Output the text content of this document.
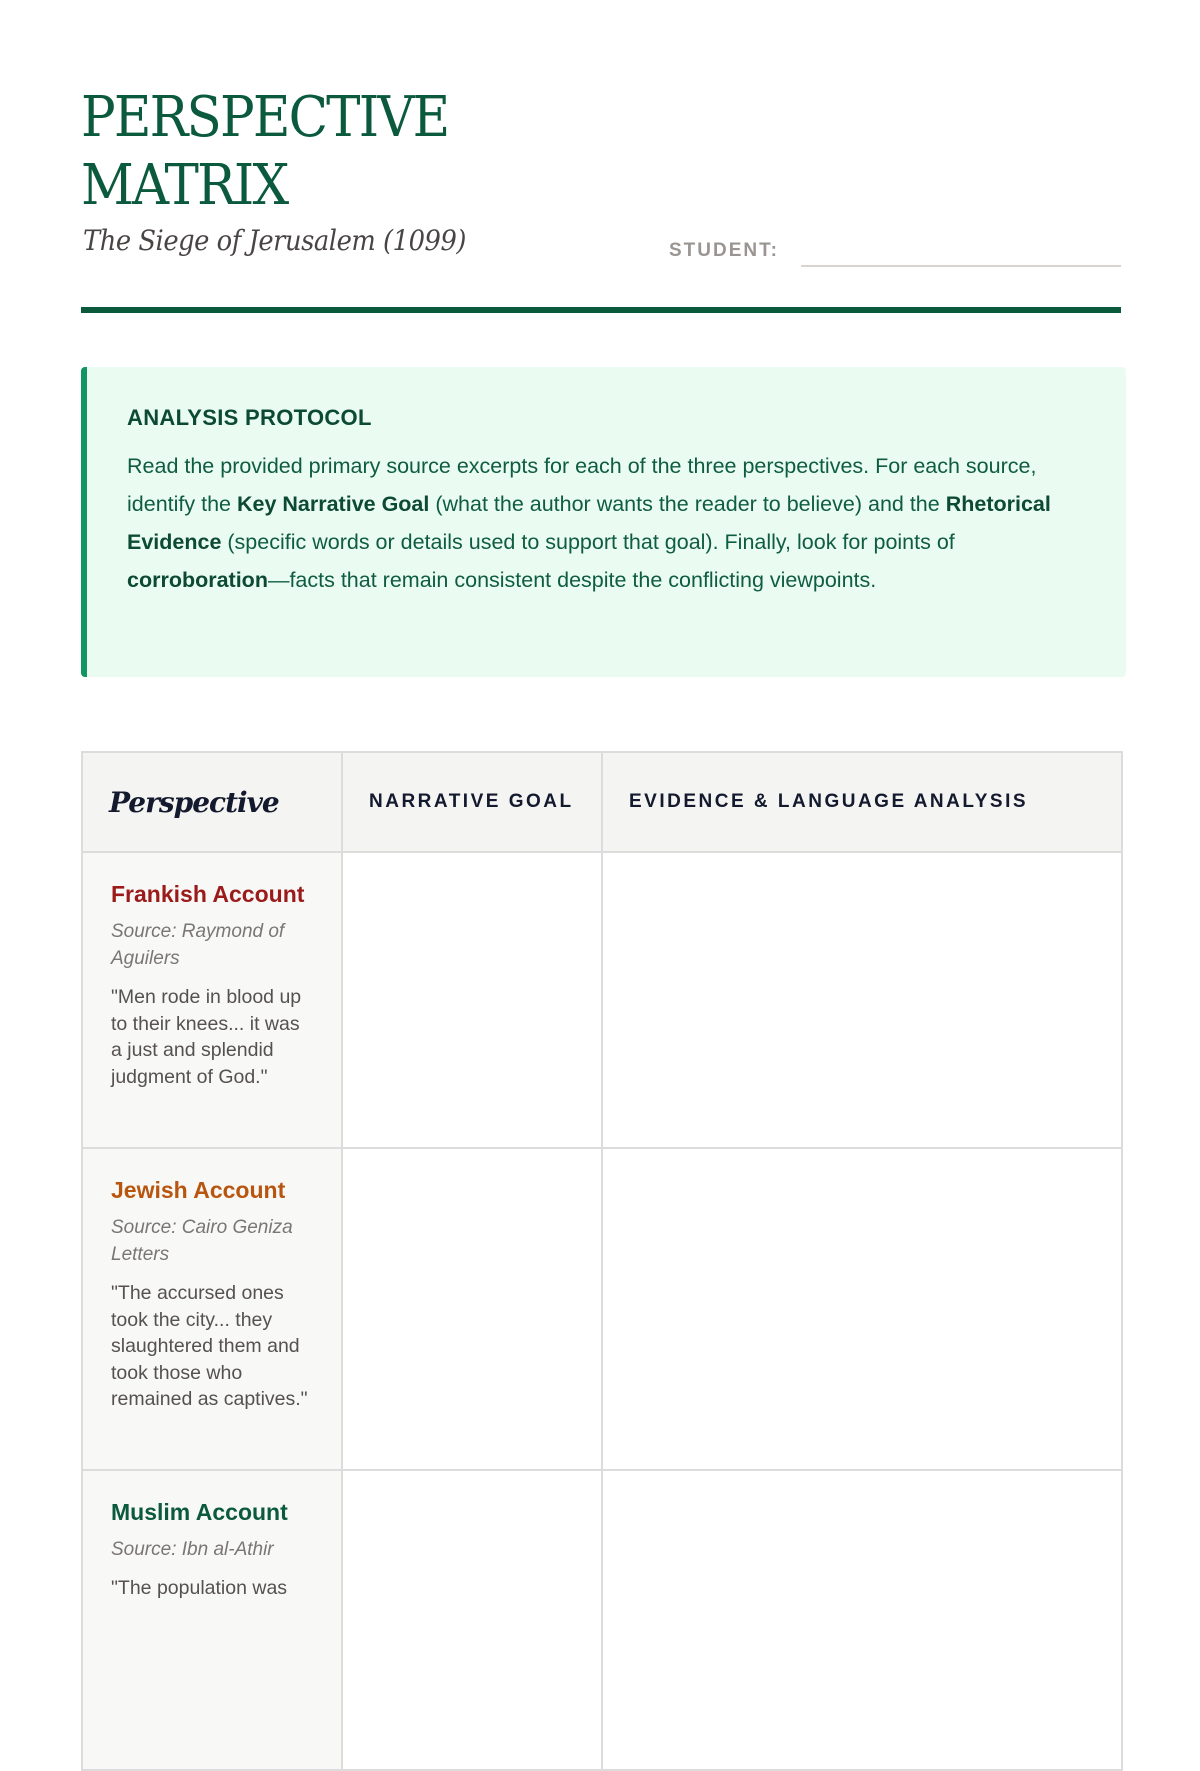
PERSPECTIVE
MATRIX
The Siege of Jerusalem (1099)	STUDENT:
ANALYSIS PROTOCOL

Read the provided primary source excerpts for each of the three perspectives. For each source, identify the Key Narrative Goal (what the author wants the reader to believe) and the Rhetorical Evidence (specific words or details used to support that goal). Finally, look for points of corroboration—facts that remain consistent despite the conflicting viewpoints.

Perspective	NARRATIVE GOAL	EVIDENCE & LANGUAGE ANALYSIS

Frankish Account
Source: Raymond of Aguilers
"Men rode in blood up to their knees... it was a just and splendid judgment of God."		

Jewish Account
Source: Cairo Geniza Letters
"The accursed ones took the city... they slaughtered them and took those who remained as captives."		

Muslim Account
Source: Ibn al-Athir
"The population was		
